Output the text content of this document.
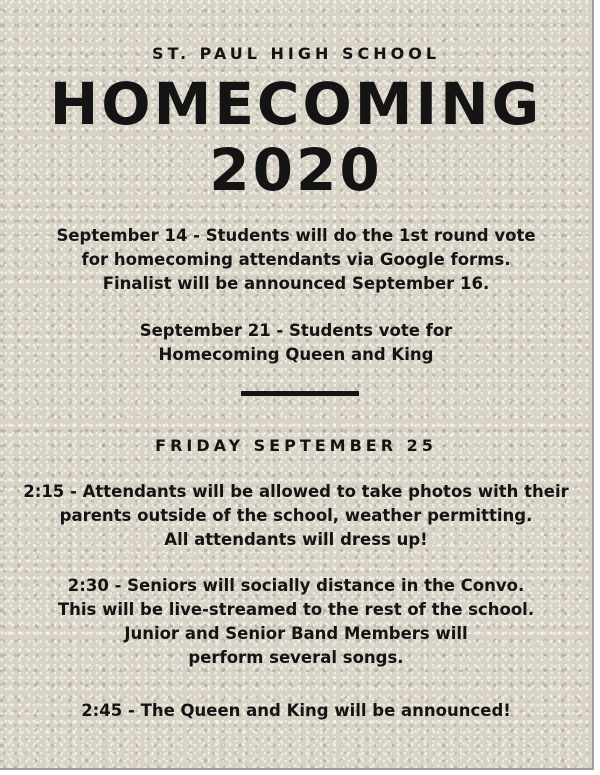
ST. PAUL HIGH SCHOOL
HOMECOMING
2020
September 14 - Students will do the 1st round vote
for homecoming attendants via Google forms.
Finalist will be announced September 16.
September 21 - Students vote for
Homecoming Queen and King
FRIDAY SEPTEMBER 25
2:15 - Attendants will be allowed to take photos with their
parents outside of the school, weather permitting.
All attendants will dress up!
2:30 - Seniors will socially distance in the Convo.
This will be live-streamed to the rest of the school.
Junior and Senior Band Members will
perform several songs.
2:45 - The Queen and King will be announced!
